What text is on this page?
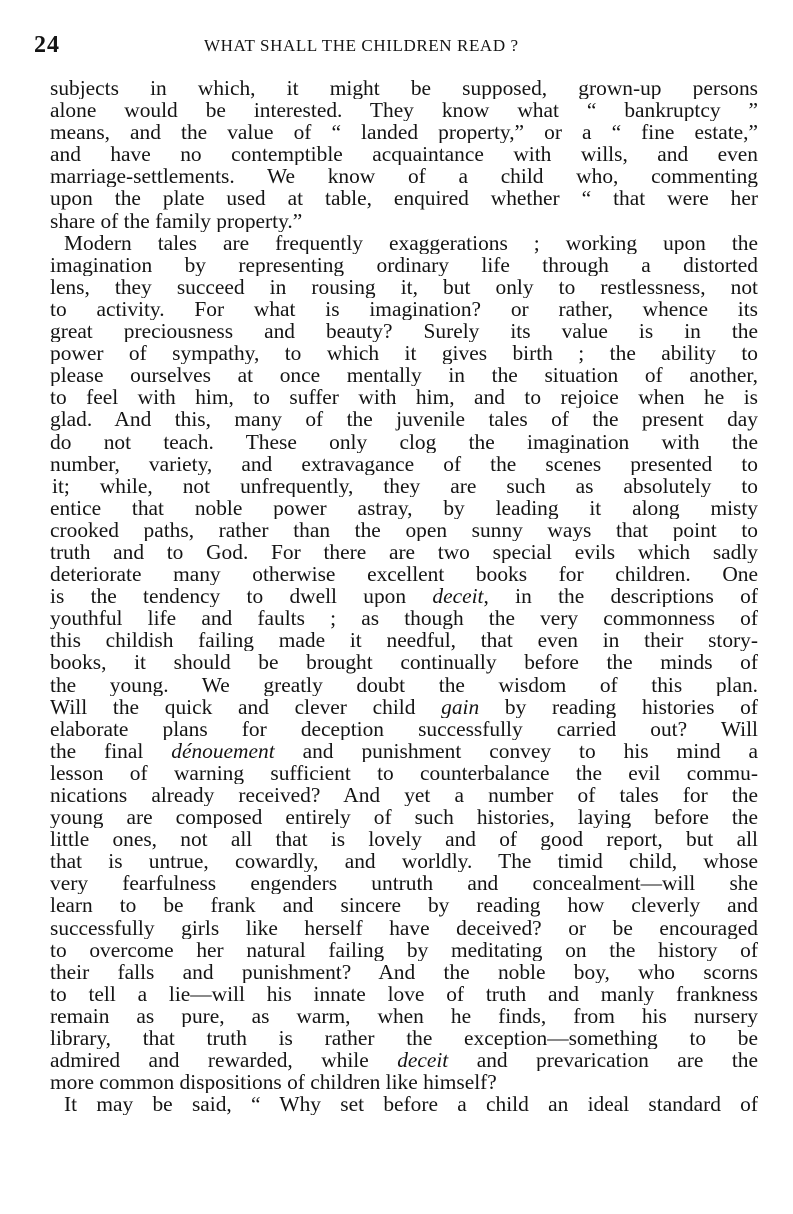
24	WHAT SHALL THE CHILDREN READ ?
subjects in which, it might be supposed, grown-up persons
alone would be interested. They know what “ bankruptcy ”
means, and the value of “ landed property,” or a “ fine estate,”
and have no contemptible acquaintance with wills, and even
marriage-settlements. We know of a child who, commenting
upon the plate used at table, enquired whether “ that were her
share of the family property.”
Modern tales are frequently exaggerations ; working upon the
imagination by representing ordinary life through a distorted
lens, they succeed in rousing it, but only to restlessness, not
to activity. For what is imagination? or rather, whence its
great preciousness and beauty? Surely its value is in the
power of sympathy, to which it gives birth ; the ability to
please ourselves at once mentally in the situation of another,
to feel with him, to suffer with him, and to rejoice when he is
glad. And this, many of the juvenile tales of the present day
do not teach. These only clog the imagination with the
number, variety, and extravagance of the scenes presented to
it; while, not unfrequently, they are such as absolutely to
entice that noble power astray, by leading it along misty
crooked paths, rather than the open sunny ways that point to
truth and to God. For there are two special evils which sadly
deteriorate many otherwise excellent books for children. One
is the tendency to dwell upon deceit, in the descriptions of
youthful life and faults ; as though the very commonness of
this childish failing made it needful, that even in their story-
books, it should be brought continually before the minds of
the young. We greatly doubt the wisdom of this plan.
Will the quick and clever child gain by reading histories of
elaborate plans for deception successfully carried out? Will
the final dénouement and punishment convey to his mind a
lesson of warning sufficient to counterbalance the evil commu-
nications already received? And yet a number of tales for the
young are composed entirely of such histories, laying before the
little ones, not all that is lovely and of good report, but all
that is untrue, cowardly, and worldly. The timid child, whose
very fearfulness engenders untruth and concealment—will she
learn to be frank and sincere by reading how cleverly and
successfully girls like herself have deceived? or be encouraged
to overcome her natural failing by meditating on the history of
their falls and punishment? And the noble boy, who scorns
to tell a lie—will his innate love of truth and manly frankness
remain as pure, as warm, when he finds, from his nursery
library, that truth is rather the exception—something to be
admired and rewarded, while deceit and prevarication are the
more common dispositions of children like himself?
It may be said, “ Why set before a child an ideal standard of
